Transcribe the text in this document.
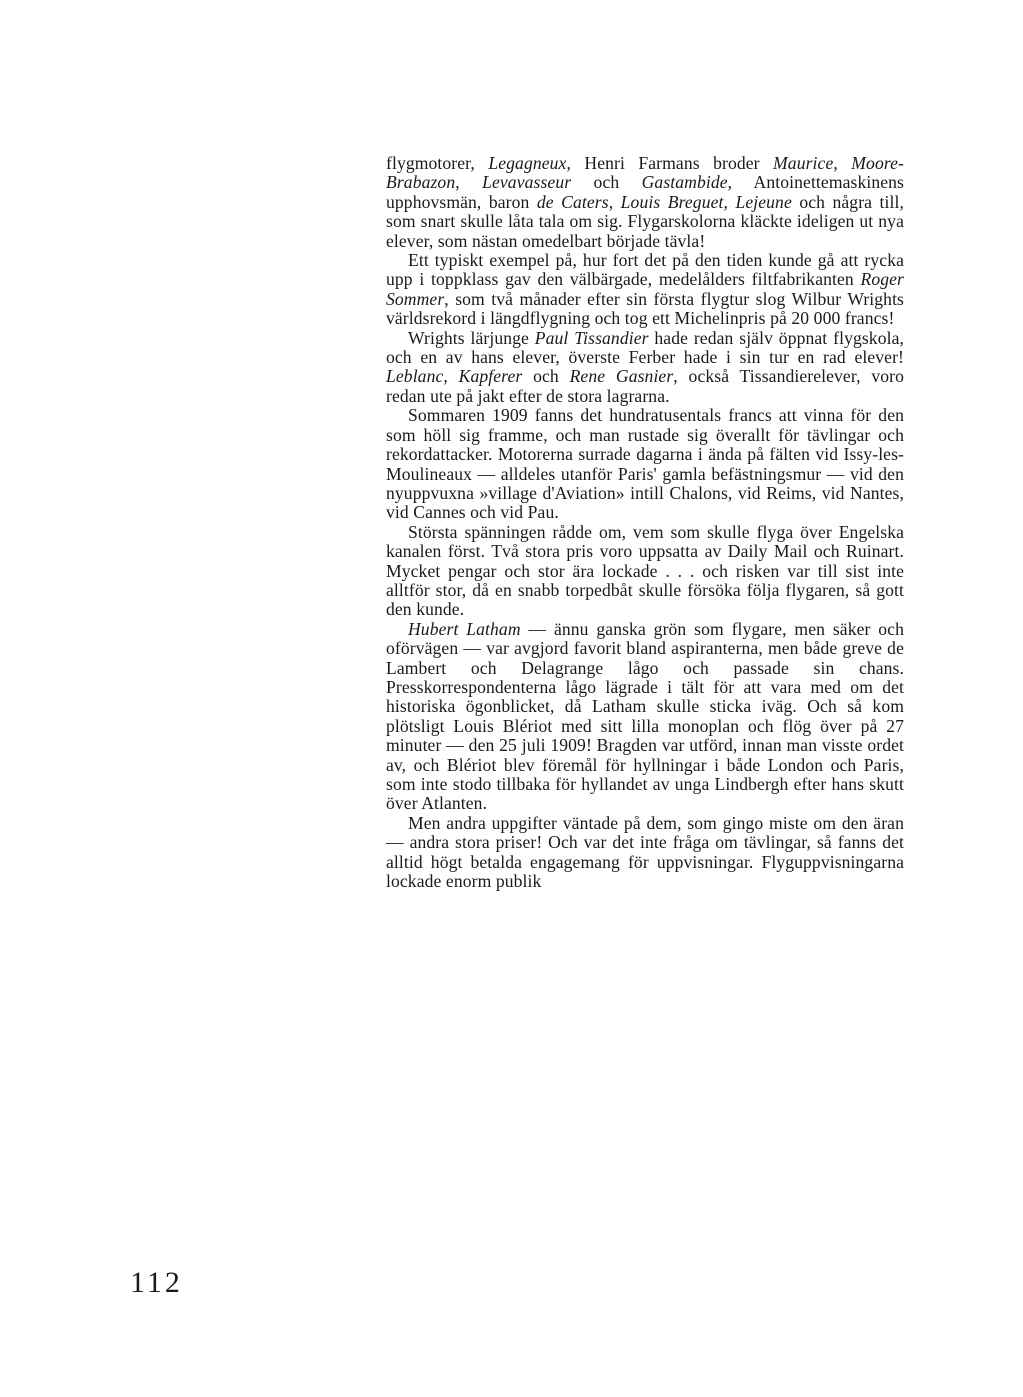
flygmotorer, Legagneux, Henri Farmans broder Maurice, Moore-Brabazon, Levavasseur och Gastambide, Antoinettemaskinens upphovsmän, baron de Caters, Louis Breguet, Lejeune och några till, som snart skulle låta tala om sig. Flygarskolorna kläckte ideligen ut nya elever, som nästan omedelbart började tävla!

Ett typiskt exempel på, hur fort det på den tiden kunde gå att rycka upp i toppklass gav den välbärgade, medelålders filtfabrikanten Roger Sommer, som två månader efter sin första flygtur slog Wilbur Wrights världsrekord i längdflygning och tog ett Michelinpris på 20 000 francs!

Wrights lärjunge Paul Tissandier hade redan själv öppnat flygskola, och en av hans elever, överste Ferber hade i sin tur en rad elever! Leblanc, Kapferer och Rene Gasnier, också Tissandierelever, voro redan ute på jakt efter de stora lagrarna.

Sommaren 1909 fanns det hundratusentals francs att vinna för den som höll sig framme, och man rustade sig överallt för tävlingar och rekordattacker. Motorerna surrade dagarna i ända på fälten vid Issy-les-Moulineaux — alldeles utanför Paris' gamla befästningsmur — vid den nyuppvuxna »village d'Aviation» intill Chalons, vid Reims, vid Nantes, vid Cannes och vid Pau.

Största spänningen rådde om, vem som skulle flyga över Engelska kanalen först. Två stora pris voro uppsatta av Daily Mail och Ruinart. Mycket pengar och stor ära lockade . . . och risken var till sist inte alltför stor, då en snabb torpedbåt skulle försöka följa flygaren, så gott den kunde.

Hubert Latham — ännu ganska grön som flygare, men säker och oförvägen — var avgjord favorit bland aspiranterna, men både greve de Lambert och Delagrange lågo och passade sin chans. Presskorrespondenterna lågo lägrade i tält för att vara med om det historiska ögonblicket, då Latham skulle sticka iväg. Och så kom plötsligt Louis Blériot med sitt lilla monoplan och flög över på 27 minuter — den 25 juli 1909! Bragden var utförd, innan man visste ordet av, och Blériot blev föremål för hyllningar i både London och Paris, som inte stodo tillbaka för hyllandet av unga Lindbergh efter hans skutt över Atlanten.

Men andra uppgifter väntade på dem, som gingo miste om den äran — andra stora priser! Och var det inte fråga om tävlingar, så fanns det alltid högt betalda engagemang för uppvisningar. Flyguppvisningarna lockade enorm publik

112
